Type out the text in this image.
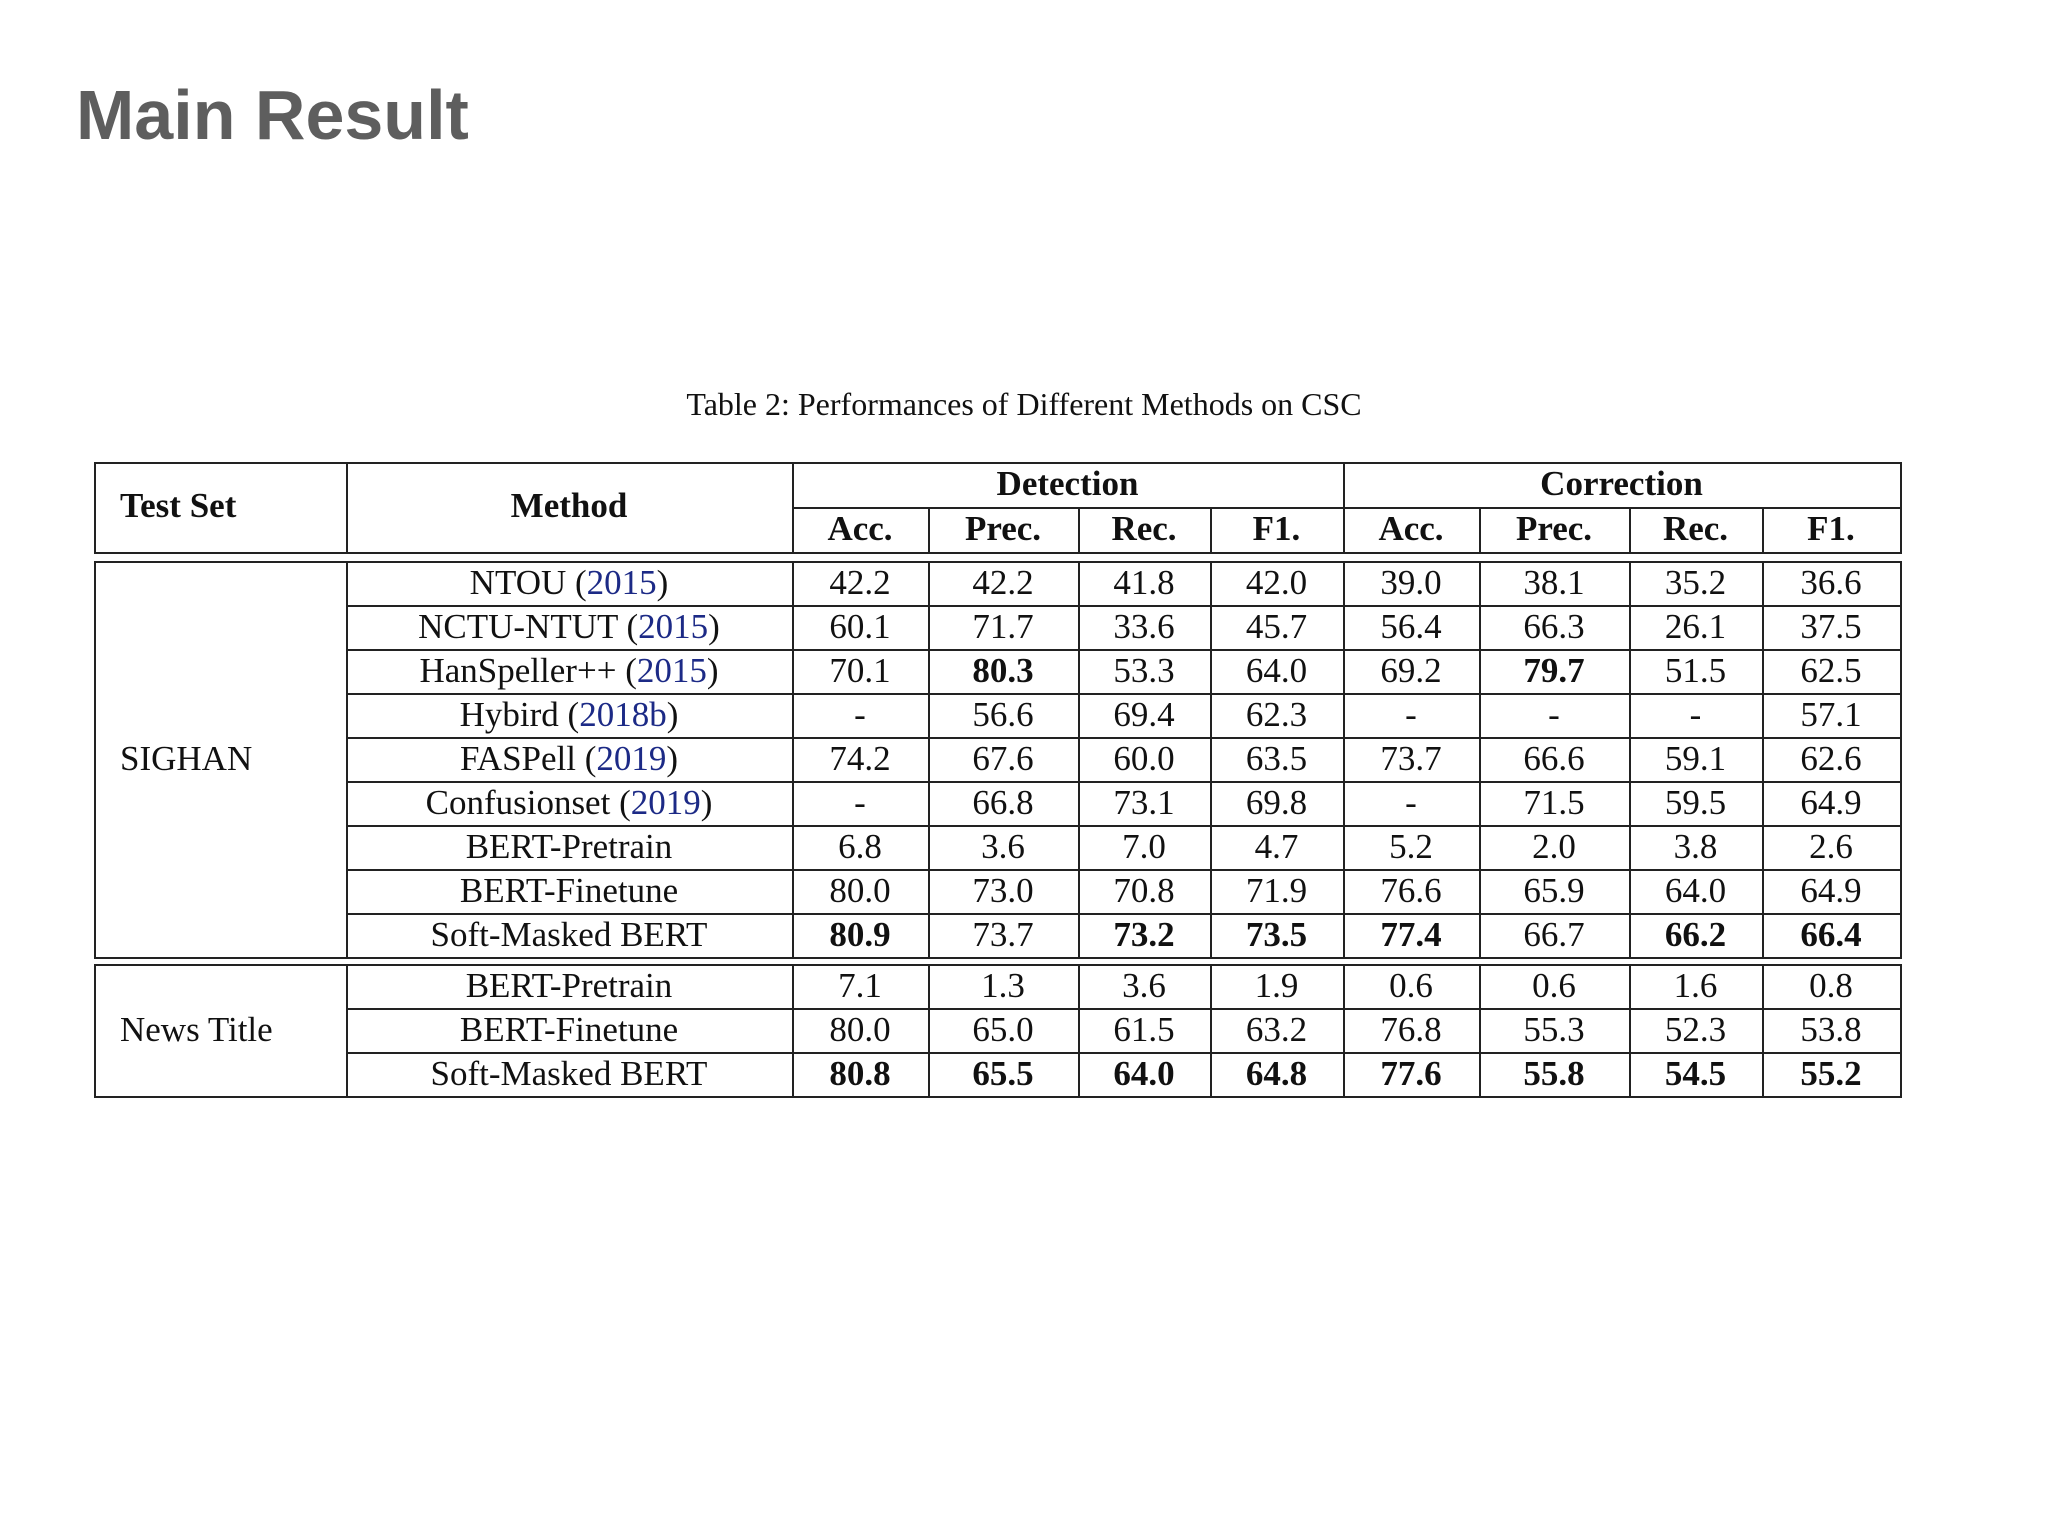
Main Result
Table 2: Performances of Different Methods on CSC
Test Set	Method
Detection	Correction
Acc.	Prec.	Rec.	F1.	Acc.	Prec.	Rec.	F1.
SIGHAN
NTOU (2015)	42.2	42.2	41.8	42.0	39.0	38.1	35.2	36.6
NCTU-NTUT (2015)	60.1	71.7	33.6	45.7	56.4	66.3	26.1	37.5
HanSpeller++ (2015)	70.1	80.3	53.3	64.0	69.2	79.7	51.5	62.5
Hybird (2018b)	-	56.6	69.4	62.3	-	-	-	57.1
FASPell (2019)	74.2	67.6	60.0	63.5	73.7	66.6	59.1	62.6
Confusionset (2019)	-	66.8	73.1	69.8	-	71.5	59.5	64.9
BERT-Pretrain	6.8	3.6	7.0	4.7	5.2	2.0	3.8	2.6
BERT-Finetune	80.0	73.0	70.8	71.9	76.6	65.9	64.0	64.9
Soft-Masked BERT	80.9	73.7	73.2	73.5	77.4	66.7	66.2	66.4
News Title
BERT-Pretrain	7.1	1.3	3.6	1.9	0.6	0.6	1.6	0.8
BERT-Finetune	80.0	65.0	61.5	63.2	76.8	55.3	52.3	53.8
Soft-Masked BERT	80.8	65.5	64.0	64.8	77.6	55.8	54.5	55.2
